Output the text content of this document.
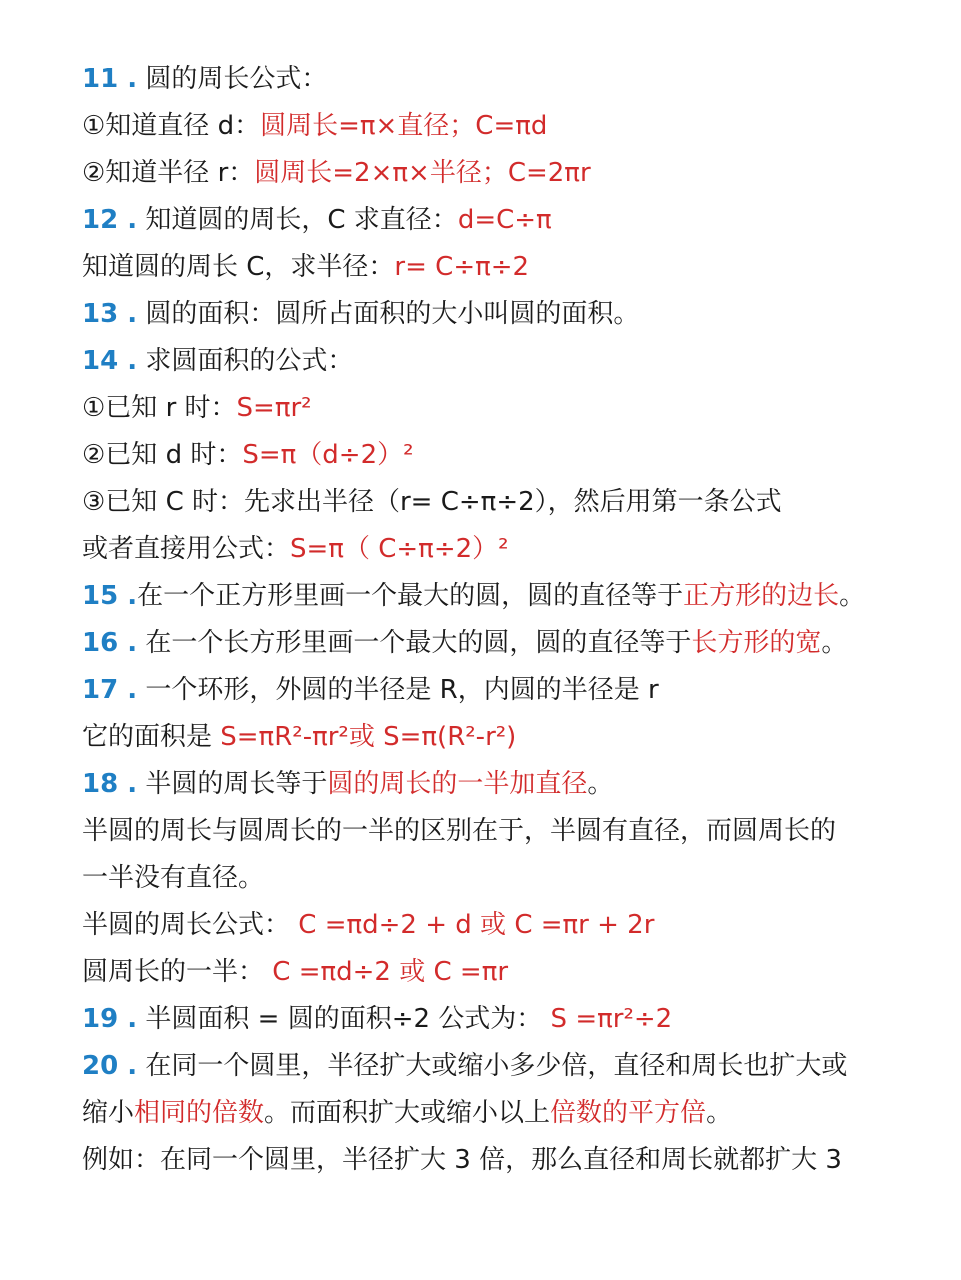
11 . 圆的周长公式：
①知道直径 d：圆周长=π×直径；C=πd
②知道半径 r：圆周长=2×π×半径；C=2πr
12 . 知道圆的周长，C 求直径：d=C÷π
知道圆的周长 C，求半径：r= C÷π÷2
13 . 圆的面积：圆所占面积的大小叫圆的面积。
14 . 求圆面积的公式：
①已知 r 时：S=πr²
②已知 d 时：S=π（d÷2）²
③已知 C 时：先求出半径（r= C÷π÷2），然后用第一条公式
或者直接用公式：S=π（ C÷π÷2）²
15 .在一个正方形里画一个最大的圆，圆的直径等于正方形的边长。
16 . 在一个长方形里画一个最大的圆，圆的直径等于长方形的宽。
17 . 一个环形，外圆的半径是 R，内圆的半径是 r
它的面积是 S=πR²-πr²或 S=π(R²-r²)
18 . 半圆的周长等于圆的周长的一半加直径。
半圆的周长与圆周长的一半的区别在于，半圆有直径，而圆周长的
一半没有直径。
半圆的周长公式： C =πd÷2 + d 或 C =πr + 2r
圆周长的一半： C =πd÷2 或 C =πr
19 . 半圆面积 = 圆的面积÷2 公式为： S =πr²÷2
20 . 在同一个圆里，半径扩大或缩小多少倍，直径和周长也扩大或
缩小相同的倍数。而面积扩大或缩小以上倍数的平方倍。
例如：在同一个圆里，半径扩大 3 倍，那么直径和周长就都扩大 3
